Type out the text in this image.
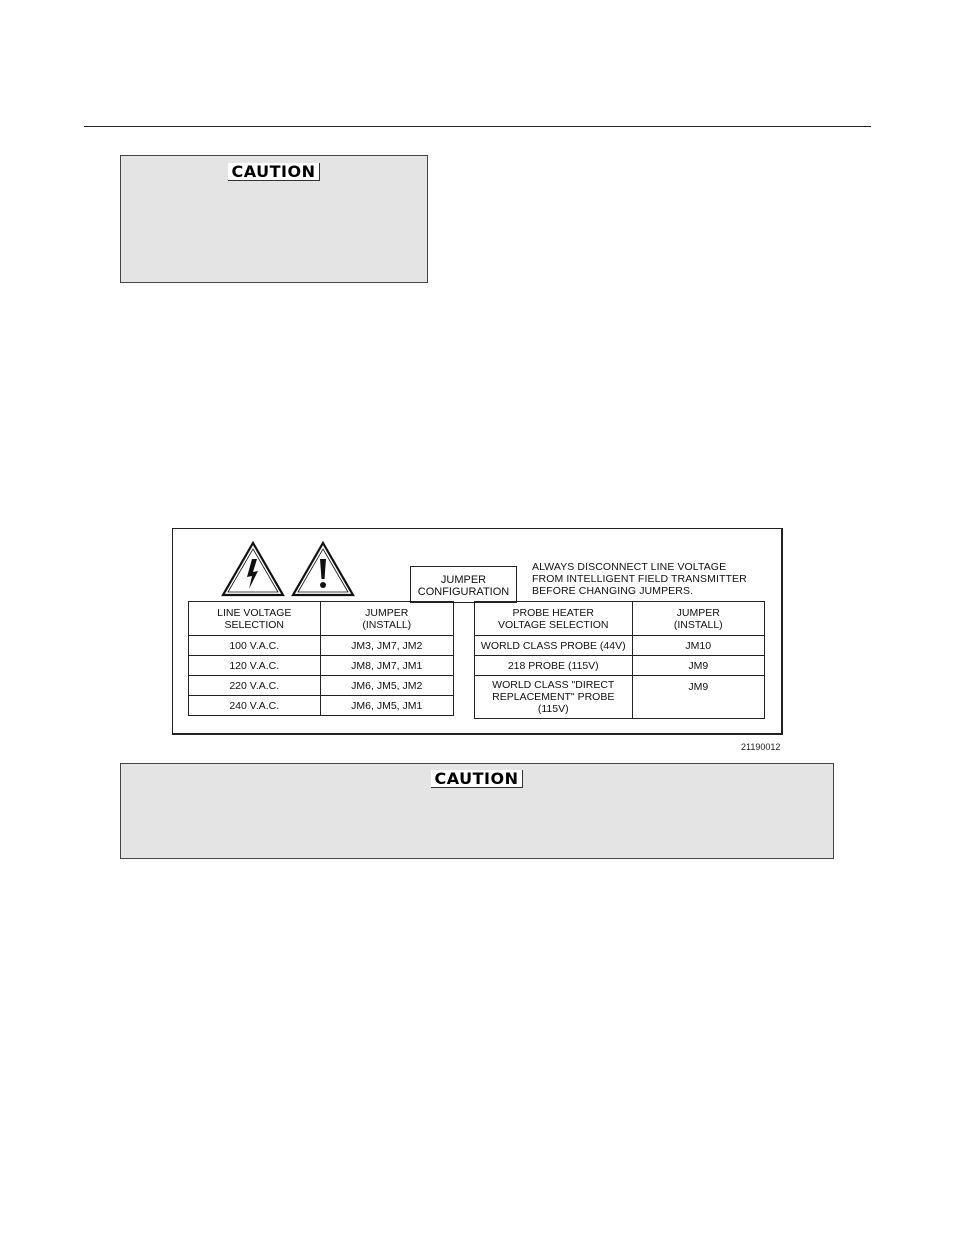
CAUTION
JUMPER
CONFIGURATION
ALWAYS DISCONNECT LINE VOLTAGE
FROM INTELLIGENT FIELD TRANSMITTER
BEFORE CHANGING JUMPERS.
LINE VOLTAGE
SELECTION	JUMPER
(INSTALL)
100 V.A.C.	JM3, JM7, JM2
120 V.A.C.	JM8, JM7, JM1
220 V.A.C.	JM6, JM5, JM2
240 V.A.C.	JM6, JM5, JM1
PROBE HEATER
VOLTAGE SELECTION	JUMPER
(INSTALL)
WORLD CLASS PROBE (44V)	JM10
218 PROBE (115V)	JM9
WORLD CLASS "DIRECT
REPLACEMENT" PROBE (115V)	JM9
21190012
CAUTION
